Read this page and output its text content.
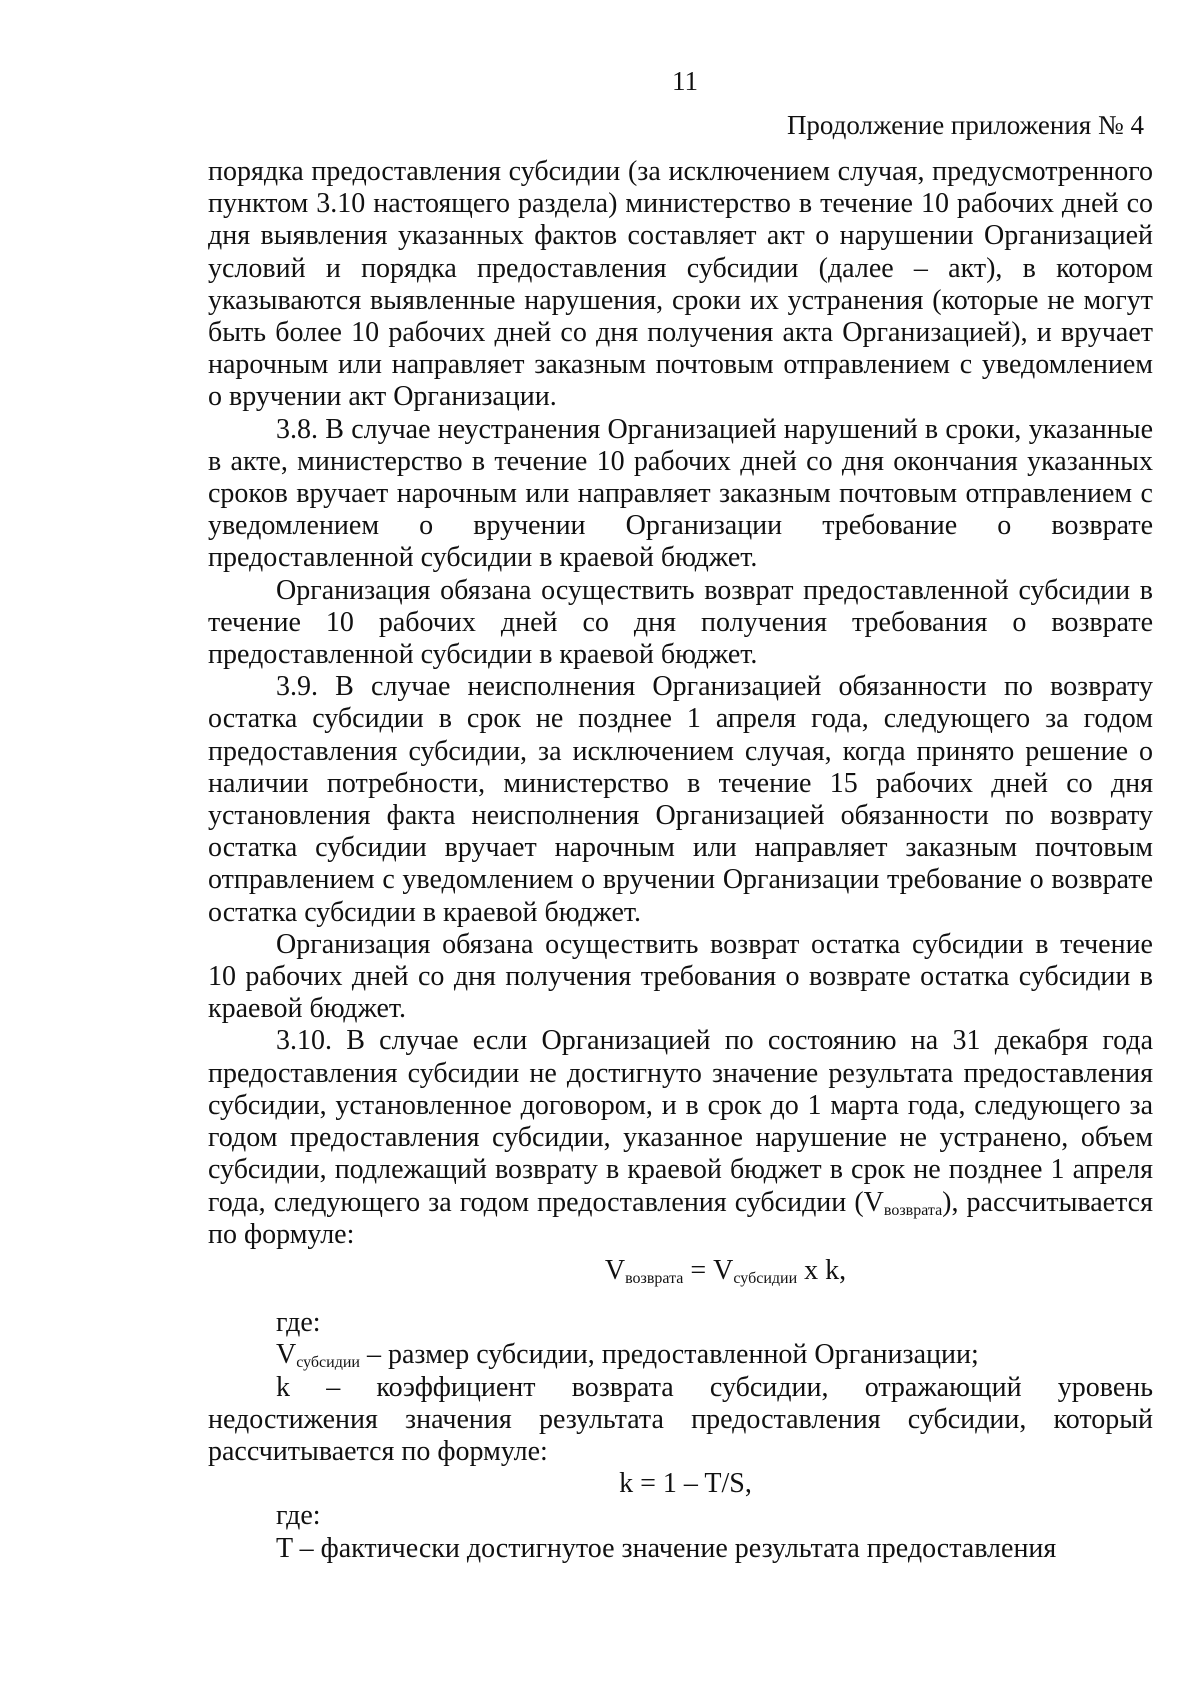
11
Продолжение приложения № 4

порядка предоставления субсидии (за исключением случая, предусмотренного пунктом 3.10 настоящего раздела) министерство в течение 10 рабочих дней со дня выявления указанных фактов составляет акт о нарушении Организацией условий и порядка предоставления субсидии (далее – акт), в котором указываются выявленные нарушения, сроки их устранения (которые не могут быть более 10 рабочих дней со дня получения акта Организацией), и вручает нарочным или направляет заказным почтовым отправлением с уведомлением о вручении акт Организации.

3.8. В случае неустранения Организацией нарушений в сроки, указанные в акте, министерство в течение 10 рабочих дней со дня окончания указанных сроков вручает нарочным или направляет заказным почтовым отправлением с уведомлением о вручении Организации требование о возврате предоставленной субсидии в краевой бюджет.

Организация обязана осуществить возврат предоставленной субсидии в течение 10 рабочих дней со дня получения требования о возврате предоставленной субсидии в краевой бюджет.

3.9. В случае неисполнения Организацией обязанности по возврату остатка субсидии в срок не позднее 1 апреля года, следующего за годом предоставления субсидии, за исключением случая, когда принято решение о наличии потребности, министерство в течение 15 рабочих дней со дня установления факта неисполнения Организацией обязанности по возврату остатка субсидии вручает нарочным или направляет заказным почтовым отправлением с уведомлением о вручении Организации требование о возврате остатка субсидии в краевой бюджет.

Организация обязана осуществить возврат остатка субсидии в течение 10 рабочих дней со дня получения требования о возврате остатка субсидии в краевой бюджет.

3.10. В случае если Организацией по состоянию на 31 декабря года предоставления субсидии не достигнуто значение результата предоставления субсидии, установленное договором, и в срок до 1 марта года, следующего за годом предоставления субсидии, указанное нарушение не устранено, объем субсидии, подлежащий возврату в краевой бюджет в срок не позднее 1 апреля года, следующего за годом предоставления субсидии $(V_{возврата})$, рассчитывается по формуле:

$V_{возврата} = V_{субсидии}$ x k,

где:

$V_{субсидии}$ – размер субсидии, предоставленной Организации;

k – коэффициент возврата субсидии, отражающий уровень недостижения значения результата предоставления субсидии, который рассчитывается по формуле:

k = 1 – T/S,

где:

T – фактически достигнутое значение результата предоставления
